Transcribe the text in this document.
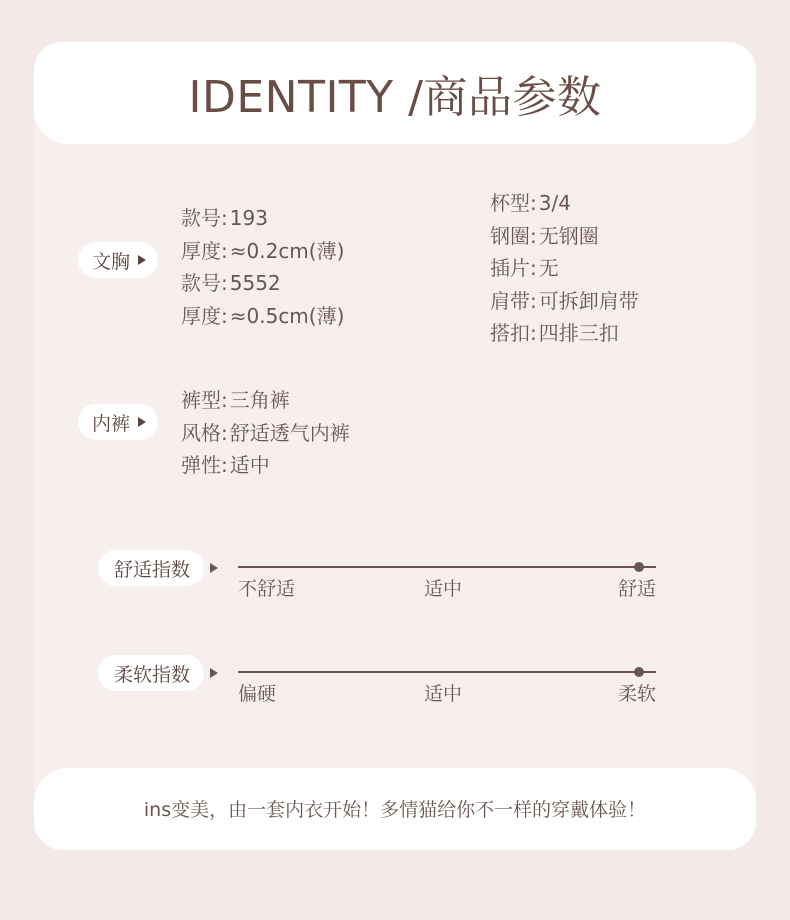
IDENTITY /商品参数
文胸
款号: 193
厚度: ≈0.2cm(薄)
款号: 5552
厚度: ≈0.5cm(薄)
杯型: 3/4
钢圈: 无钢圈
插片: 无
肩带: 可拆卸肩带
搭扣: 四排三扣
内裤
裤型: 三角裤
风格: 舒适透气内裤
弹性: 适中
舒适指数
不舒适	适中	舒适
柔软指数
偏硬	适中	柔软
ins变美，由一套内衣开始！多情猫给你不一样的穿戴体验！
